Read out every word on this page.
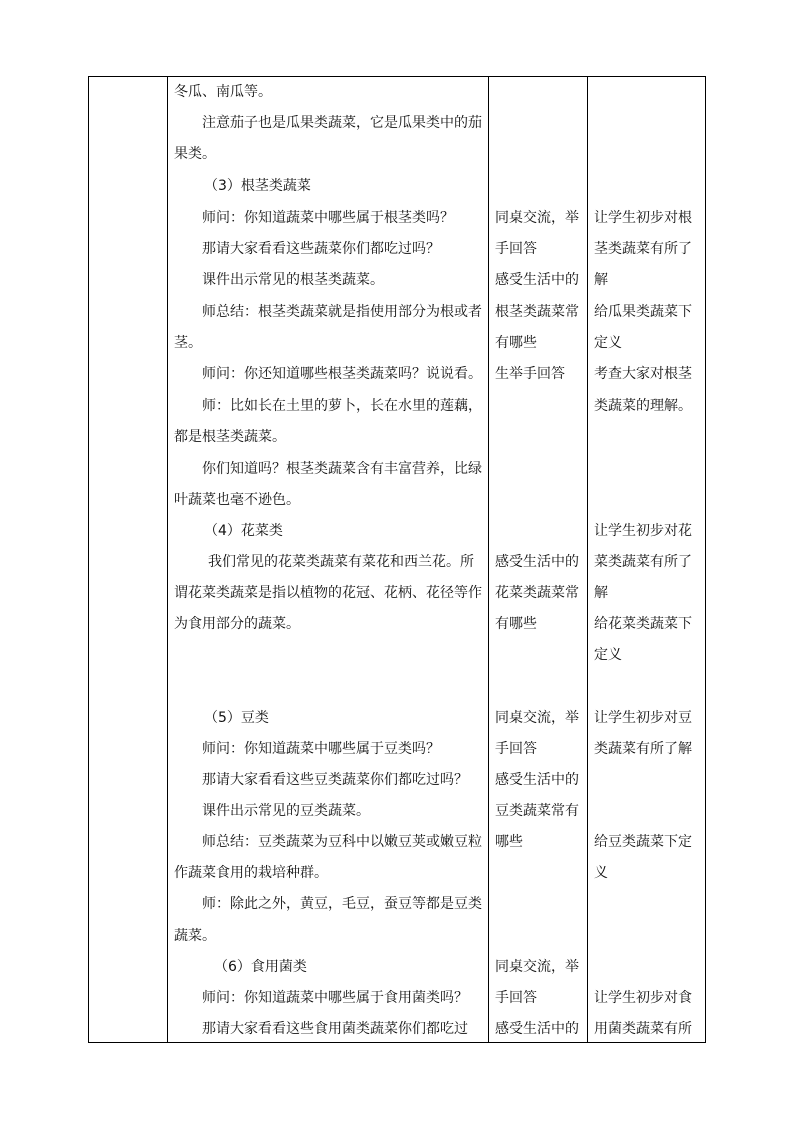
冬瓜、南瓜等。
注意茄子也是瓜果类蔬菜，它是瓜果类中的茄
果类。
（3）根茎类蔬菜
师问：你知道蔬菜中哪些属于根茎类吗？
那请大家看看这些蔬菜你们都吃过吗？
课件出示常见的根茎类蔬菜。
师总结：根茎类蔬菜就是指使用部分为根或者
茎。
师问：你还知道哪些根茎类蔬菜吗？说说看。
师：比如长在土里的萝卜，长在水里的莲藕，
都是根茎类蔬菜。
你们知道吗？根茎类蔬菜含有丰富营养，比绿
叶蔬菜也毫不逊色。
（4）花菜类
我们常见的花菜类蔬菜有菜花和西兰花。所
谓花菜类蔬菜是指以植物的花冠、花柄、花径等作
为食用部分的蔬菜。
（5）豆类
师问：你知道蔬菜中哪些属于豆类吗？
那请大家看看这些豆类蔬菜你们都吃过吗？
课件出示常见的豆类蔬菜。
师总结：豆类蔬菜为豆科中以嫩豆荚或嫩豆粒
作蔬菜食用的栽培种群。
师：除此之外，黄豆，毛豆，蚕豆等都是豆类
蔬菜。
（6）食用菌类
师问：你知道蔬菜中哪些属于食用菌类吗？
那请大家看看这些食用菌类蔬菜你们都吃过
同桌交流，举
手回答
感受生活中的
根茎类蔬菜常
有哪些
生举手回答
感受生活中的
花菜类蔬菜常
有哪些
同桌交流，举
手回答
感受生活中的
豆类蔬菜常有
哪些
同桌交流，举
手回答
感受生活中的
让学生初步对根
茎类蔬菜有所了
解
给瓜果类蔬菜下
定义
考查大家对根茎
类蔬菜的理解。
让学生初步对花
菜类蔬菜有所了
解
给花菜类蔬菜下
定义
让学生初步对豆
类蔬菜有所了解
给豆类蔬菜下定
义
让学生初步对食
用菌类蔬菜有所
